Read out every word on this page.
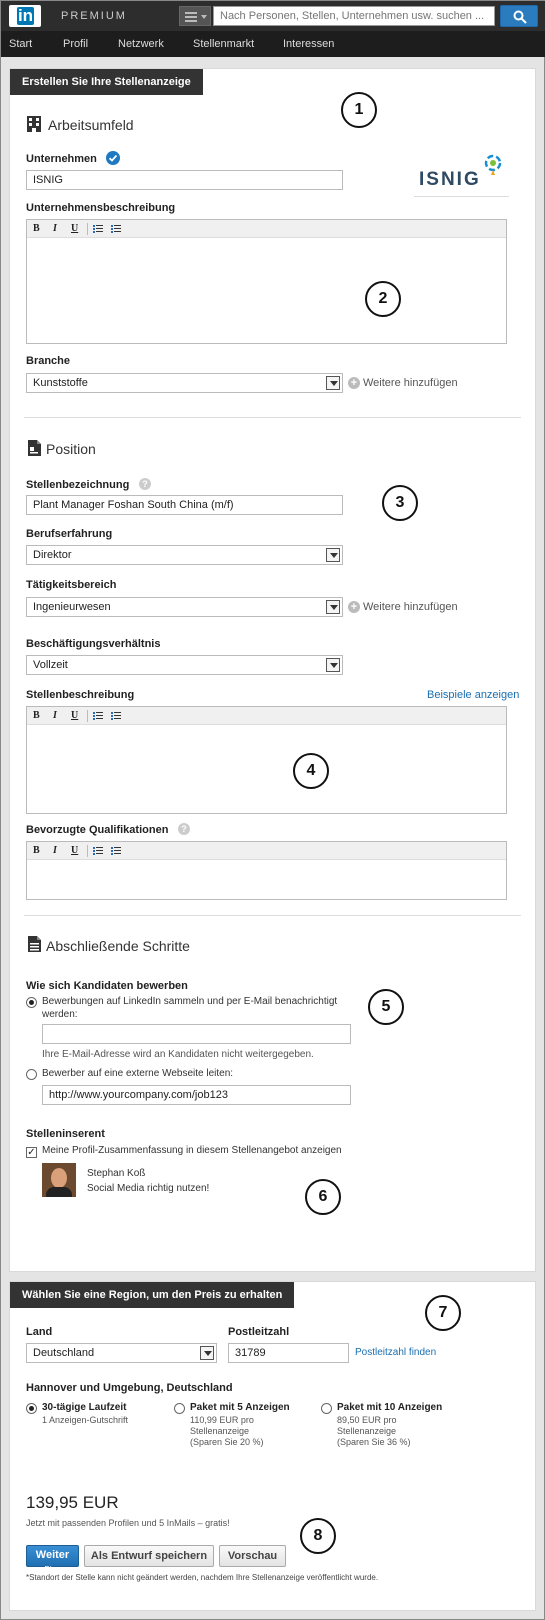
in	PREMIUM
Nach Personen, Stellen, Unternehmen usw. suchen ...
Start	Profil	Netzwerk	Stellenmarkt	Interessen
Erstellen Sie Ihre Stellenanzeige
1
Arbeitsumfeld
Unternehmen
ISNIG
ISNIG
Unternehmensbeschreibung
B I U
2
Branche
Kunststoffe	+ Weitere hinzufügen
Position
Stellenbezeichnung	?
Plant Manager Foshan South China (m/f)
3
Berufserfahrung
Direktor
Tätigkeitsbereich
Ingenieurwesen	+ Weitere hinzufügen
Beschäftigungsverhältnis
Vollzeit
Stellenbeschreibung	Beispiele anzeigen
B I U
4
Bevorzugte Qualifikationen	?
B I U
Abschließende Schritte
Wie sich Kandidaten bewerben
5
Bewerbungen auf LinkedIn sammeln und per E-Mail benachrichtigt
werden:
Ihre E-Mail-Adresse wird an Kandidaten nicht weitergegeben.
Bewerber auf eine externe Webseite leiten:
http://www.yourcompany.com/job123
Stelleninserent
✓ Meine Profil-Zusammenfassung in diesem Stellenangebot anzeigen
Stephan Koß
Social Media richtig nutzen!	6
Wählen Sie eine Region, um den Preis zu erhalten
7
Land
Deutschland
Postleitzahl
31789
Postleitzahl finden
Hannover und Umgebung, Deutschland
30-tägige Laufzeit
1 Anzeigen-Gutschrift
Paket mit 5 Anzeigen
110,99 EUR pro
Stellenanzeige
(Sparen Sie 20 %)
Paket mit 10 Anzeigen
89,50 EUR pro
Stellenanzeige
(Sparen Sie 36 %)
139,95 EUR
Jetzt mit passenden Profilen und 5 InMails – gratis!
8
Weiter
Blog
Als Entwurf speichern	Vorschau
*Standort der Stelle kann nicht geändert werden, nachdem Ihre Stellenanzeige veröffentlicht wurde.
